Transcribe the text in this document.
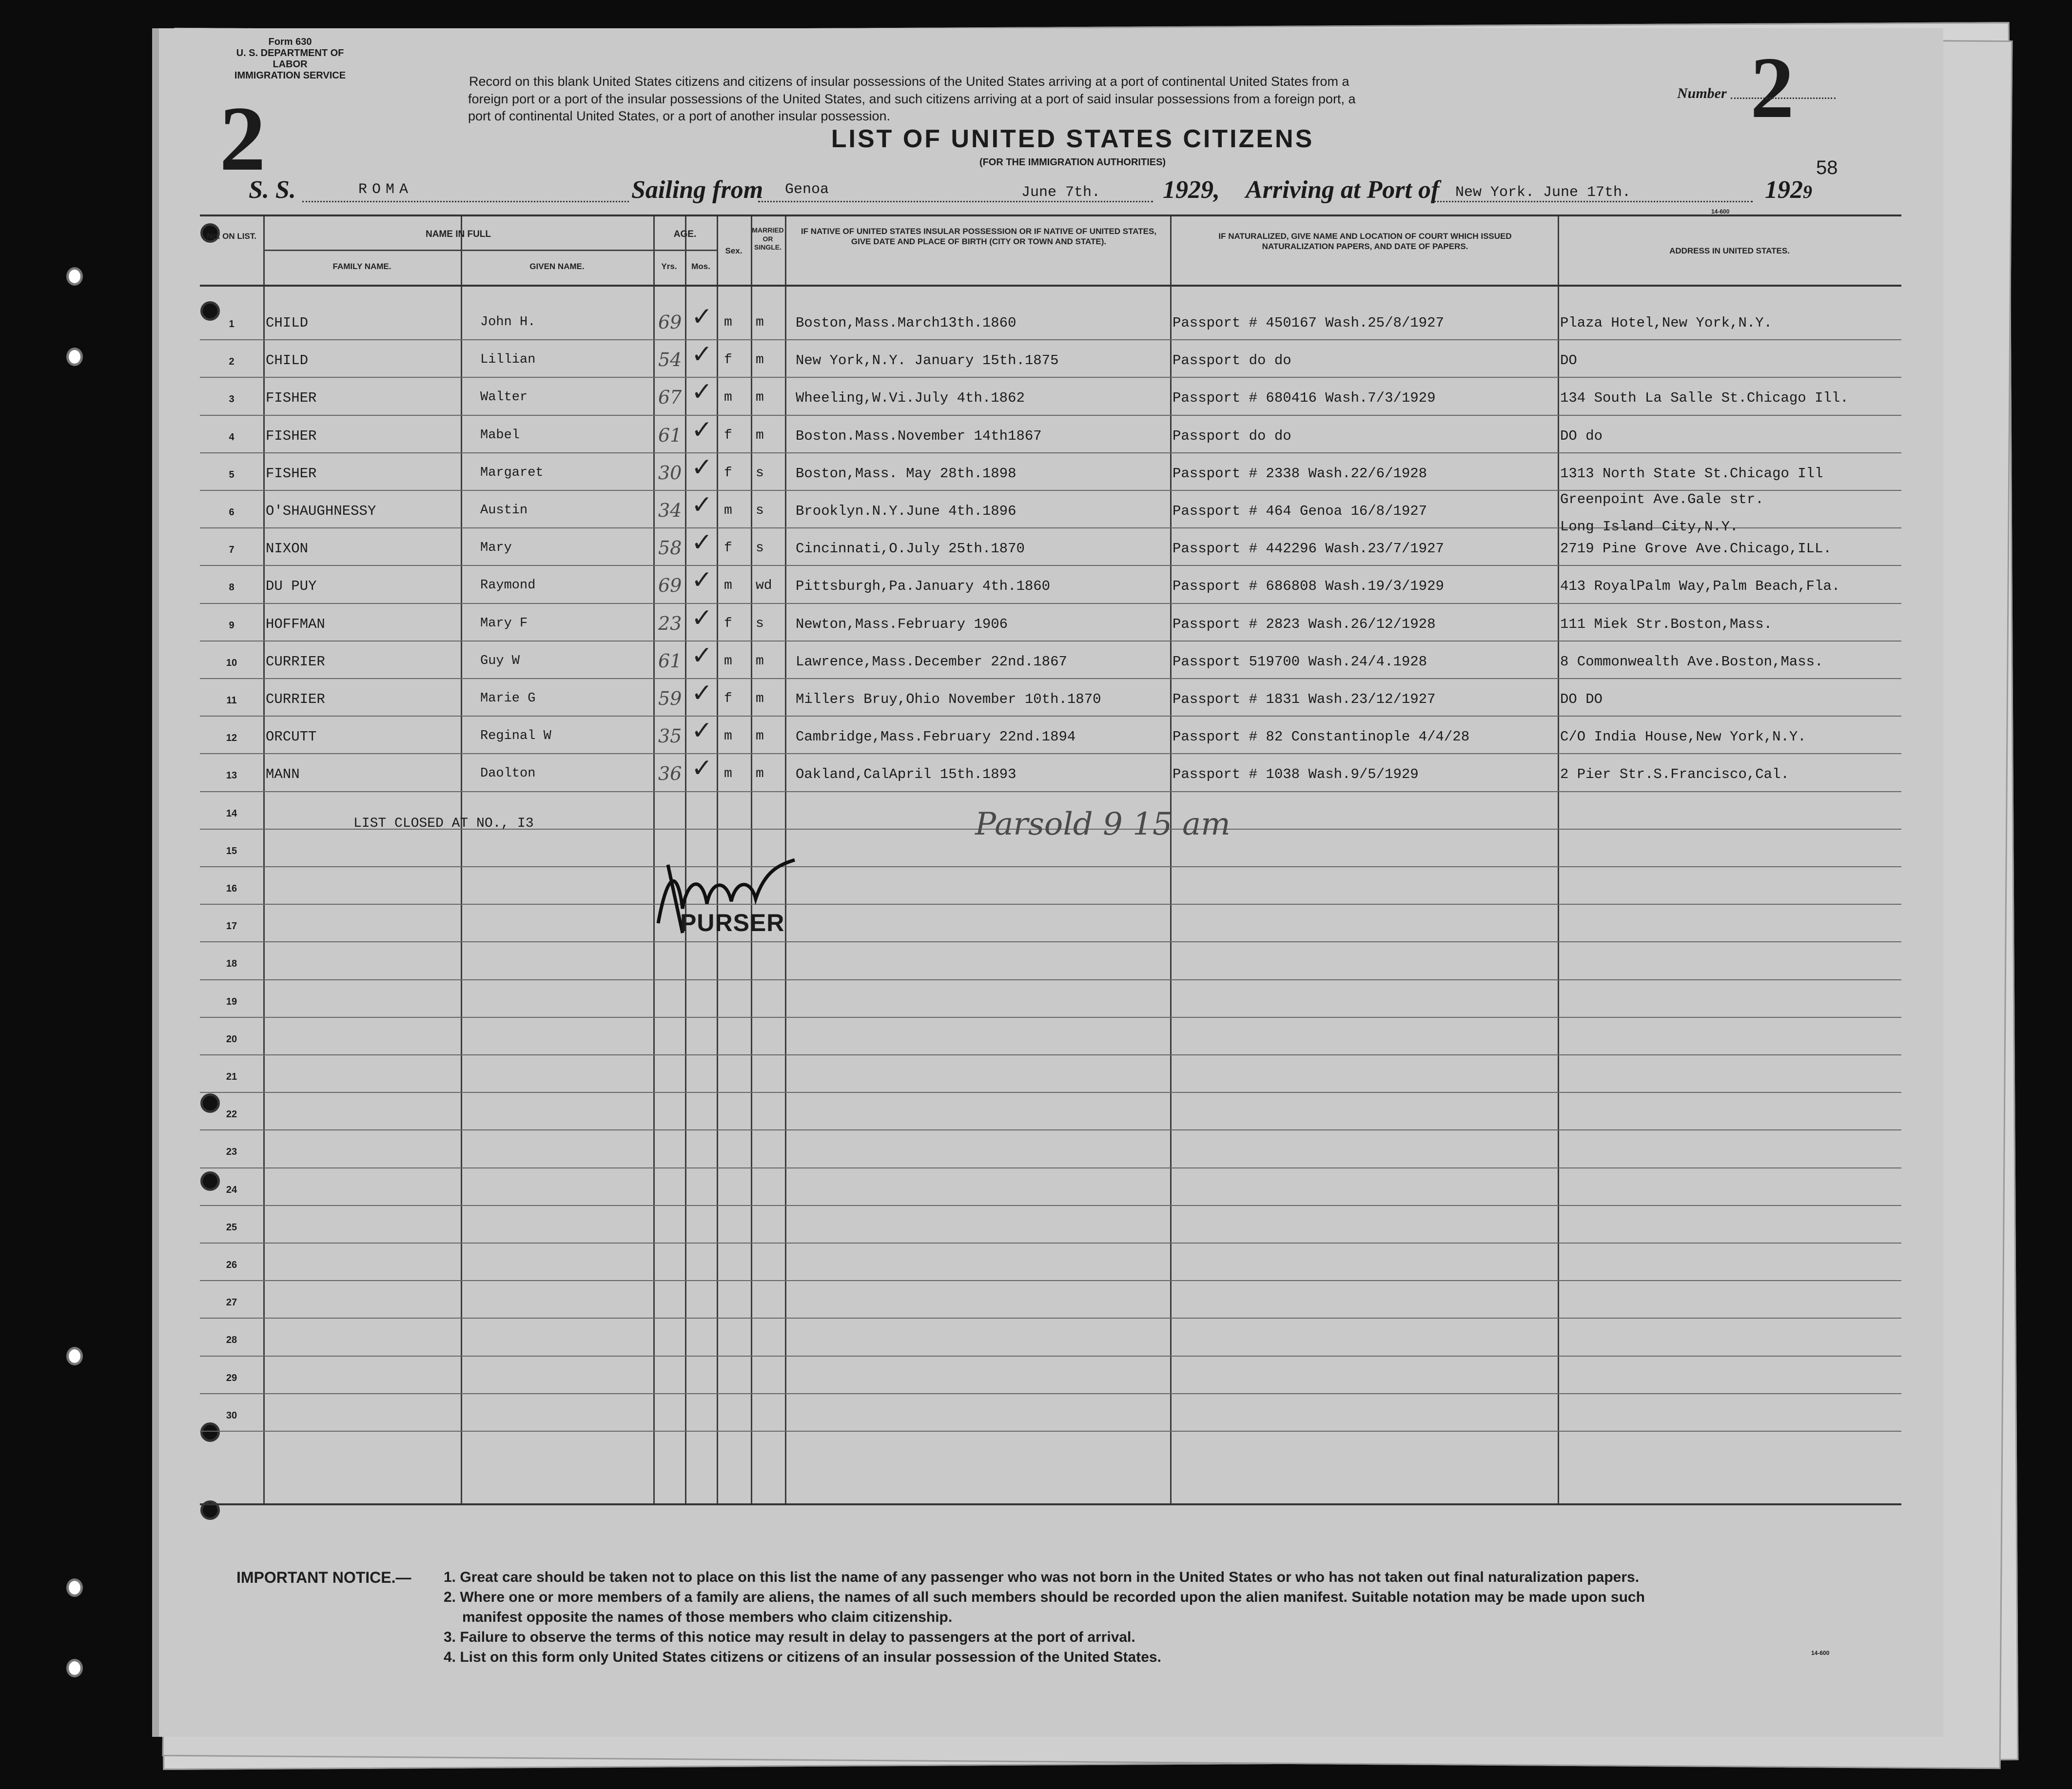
Form 630
U. S. DEPARTMENT OF LABOR
IMMIGRATION SERVICE
2
Record on this blank United States citizens and citizens of insular possessions of the United States arriving at a port of continental United States from a
foreign port or a port of the insular possessions of the United States, and such citizens arriving at a port of said insular possessions from a foreign port, a
port of continental United States, or a port of another insular possession.
Number 2
LIST OF UNITED STATES CITIZENS
(FOR THE IMMIGRATION AUTHORITIES)	58
S. S.	ROMA	Sailing from Genoa	June 7th. 1929, Arriving at Port of New York. June 17th.	1929
14-600
No. ON LIST.	NAME IN FULL
FAMILY NAME.	GIVEN NAME.
AGE.
Yrs.	Mos.
Sex.
MARRIED OR SINGLE.
IF NATIVE OF UNITED STATES INSULAR POSSESSION OR IF NATIVE OF UNITED STATES, GIVE DATE AND PLACE OF BIRTH (CITY OR TOWN AND STATE).
IF NATURALIZED, GIVE NAME AND LOCATION OF COURT WHICH ISSUED NATURALIZATION PAPERS, AND DATE OF PAPERS.	ADDRESS IN UNITED STATES.
1
2
3
4
5
6
7
8
9
10
11
12
13
14
15
16
17
18
19
20
21
22
23
24
25
26
27
28
29
30
CHILD	John H.	69	m m Boston,Mass.March13th.1860	Passport # 450167 Wash.25/8/1927	Plaza Hotel,New York,N.Y.
✓
CHILD	Lillian	54	f m New York,N.Y. January 15th.1875	Passport do do	DO
✓
FISHER	Walter	67	m m Wheeling,W.Vi.July 4th.1862	Passport # 680416 Wash.7/3/1929	134 South La Salle St.Chicago Ill.
✓
FISHER	Mabel	61	f m Boston.Mass.November 14th1867	Passport do do	DO do
✓
FISHER	Margaret	30	f s Boston,Mass. May 28th.1898	Passport # 2338 Wash.22/6/1928	1313 North State St.Chicago Ill
✓
O'SHAUGHNESSY	Austin	34	m s Brooklyn.N.Y.June 4th.1896	Passport # 464 Genoa 16/8/1927
Greenpoint Ave.Gale str.
Long Island City,N.Y.
✓
NIXON	Mary	58	f s Cincinnati,O.July 25th.1870	Passport # 442296 Wash.23/7/1927	2719 Pine Grove Ave.Chicago,ILL.
✓
DU PUY	Raymond	69	m wd Pittsburgh,Pa.January 4th.1860	Passport # 686808 Wash.19/3/1929	413 RoyalPalm Way,Palm Beach,Fla.
✓
HOFFMAN	Mary F	23	f s Newton,Mass.February 1906	Passport # 2823 Wash.26/12/1928	111 Miek Str.Boston,Mass.
✓
CURRIER	Guy W	61	m m Lawrence,Mass.December 22nd.1867	Passport 519700 Wash.24/4.1928	8 Commonwealth Ave.Boston,Mass.
✓
CURRIER	Marie G	59	f m Millers Bruy,Ohio November 10th.1870	Passport # 1831 Wash.23/12/1927	DO DO
✓
ORCUTT	Reginal W	35	m m Cambridge,Mass.February 22nd.1894	Passport # 82 Constantinople 4/4/28	C/O India House,New York,N.Y.
✓
MANN	Daolton	36	m m Oakland,CalApril 15th.1893	Passport # 1038 Wash.9/5/1929	2 Pier Str.S.Francisco,Cal.
✓
LIST CLOSED AT NO., I3	Parsold 9 15 am
PURSER
IMPORTANT NOTICE.— 1. Great care should be taken not to place on this list the name of any passenger who was not born in the United States or who has not taken out final naturalization papers.
2. Where one or more members of a family are aliens, the names of all such members should be recorded upon the alien manifest. Suitable notation may be made upon such
manifest opposite the names of those members who claim citizenship.
3. Failure to observe the terms of this notice may result in delay to passengers at the port of arrival.
4. List on this form only United States citizens or citizens of an insular possession of the United States.	14-600
